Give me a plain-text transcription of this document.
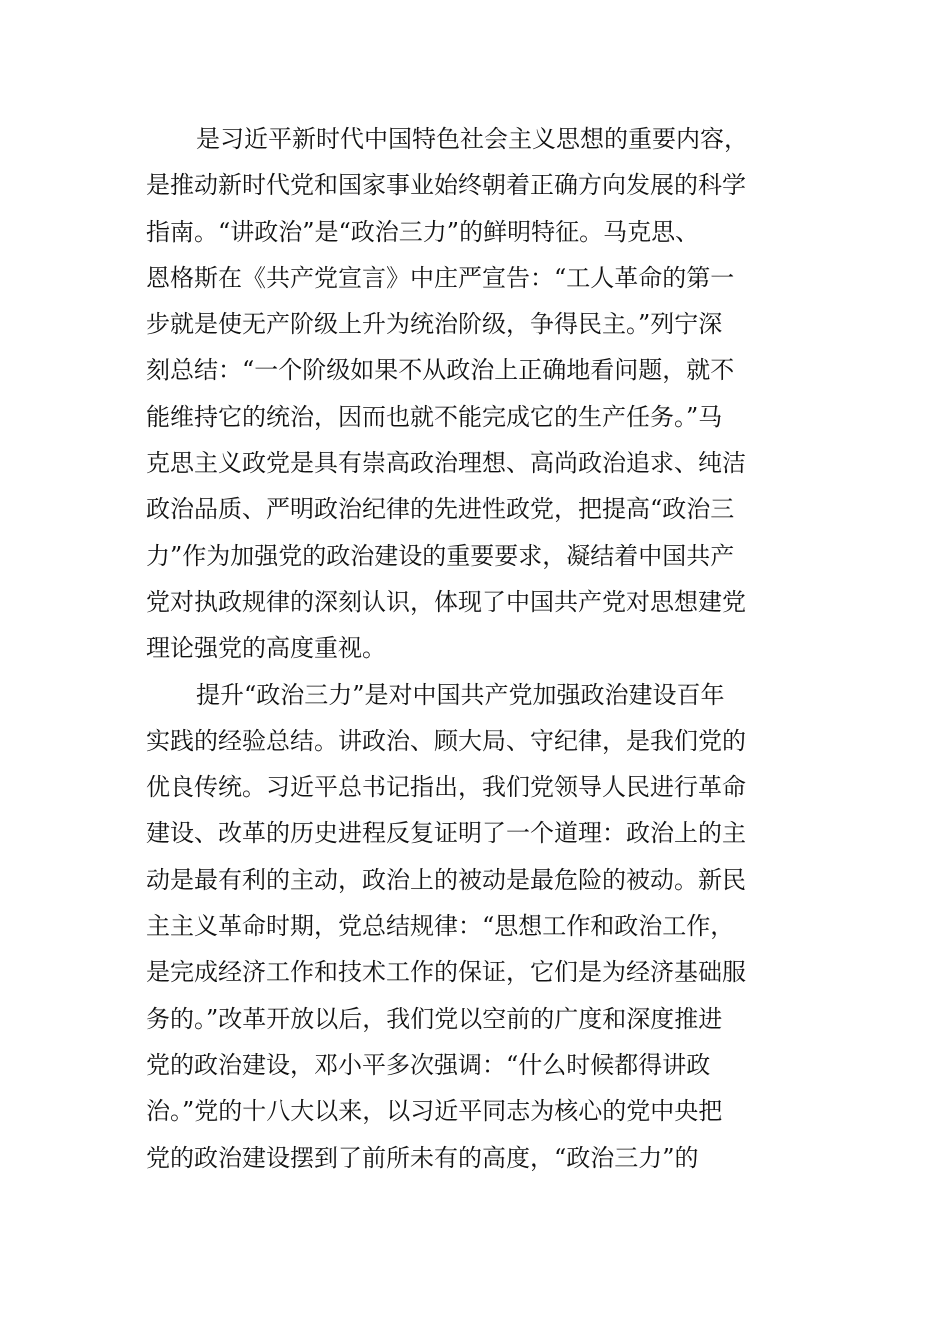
是习近平新时代中国特色社会主义思想的重要内容，
是推动新时代党和国家事业始终朝着正确方向发展的科学
指南。“讲政治”是“政治三力”的鲜明特征。马克思、
恩格斯在《共产党宣言》中庄严宣告：“工人革命的第一
步就是使无产阶级上升为统治阶级，争得民主。”列宁深
刻总结：“一个阶级如果不从政治上正确地看问题，就不
能维持它的统治，因而也就不能完成它的生产任务。”马
克思主义政党是具有崇高政治理想、高尚政治追求、纯洁
政治品质、严明政治纪律的先进性政党，把提高“政治三
力”作为加强党的政治建设的重要要求，凝结着中国共产
党对执政规律的深刻认识，体现了中国共产党对思想建党
理论强党的高度重视。
提升“政治三力”是对中国共产党加强政治建设百年
实践的经验总结。讲政治、顾大局、守纪律，是我们党的
优良传统。习近平总书记指出，我们党领导人民进行革命
建设、改革的历史进程反复证明了一个道理：政治上的主
动是最有利的主动，政治上的被动是最危险的被动。新民
主主义革命时期，党总结规律：“思想工作和政治工作，
是完成经济工作和技术工作的保证，它们是为经济基础服
务的。”改革开放以后，我们党以空前的广度和深度推进
党的政治建设，邓小平多次强调：“什么时候都得讲政
治。”党的十八大以来，以习近平同志为核心的党中央把
党的政治建设摆到了前所未有的高度，“政治三力”的
